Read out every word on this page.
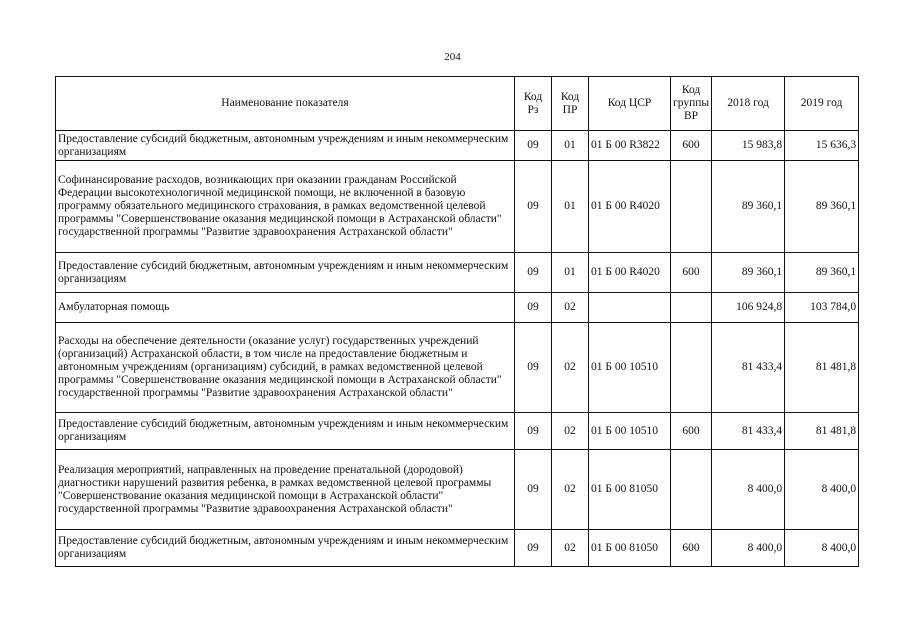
204
Наименование показателя	Код Рз	Код ПР	Код ЦСР	Код группы ВР	2018 год	2019 год
Предоставление субсидий бюджетным, автономным учреждениям и иным некоммерческим организациям	09	01	01 Б 00 R3822	600	15 983,8	15 636,3
Софинансирование расходов, возникающих при оказании гражданам Российской Федерации высокотехнологичной медицинской помощи, не включенной в базовую программу обязательного медицинского страхования, в рамках ведомственной целевой программы "Совершенствование оказания медицинской помощи в Астраханской области" государственной программы "Развитие здравоохранения Астраханской области"	09	01	01 Б 00 R4020		89 360,1	89 360,1
Предоставление субсидий бюджетным, автономным учреждениям и иным некоммерческим организациям	09	01	01 Б 00 R4020	600	89 360,1	89 360,1
Амбулаторная помощь	09	02			106 924,8	103 784,0
Расходы на обеспечение деятельности (оказание услуг) государственных учреждений (организаций) Астраханской области, в том числе на предоставление бюджетным и автономным учреждениям (организациям) субсидий, в рамках ведомственной целевой программы "Совершенствование оказания медицинской помощи в Астраханской области" государственной программы "Развитие здравоохранения Астраханской области"	09	02	01 Б 00 10510		81 433,4	81 481,8
Предоставление субсидий бюджетным, автономным учреждениям и иным некоммерческим организациям	09	02	01 Б 00 10510	600	81 433,4	81 481,8
Реализация мероприятий, направленных на проведение пренатальной (дородовой) диагностики нарушений развития ребенка, в рамках ведомственной целевой программы "Совершенствование оказания медицинской помощи в Астраханской области" государственной программы "Развитие здравоохранения Астраханской области"	09	02	01 Б 00 81050		8 400,0	8 400,0
Предоставление субсидий бюджетным, автономным учреждениям и иным некоммерческим организациям	09	02	01 Б 00 81050	600	8 400,0	8 400,0
